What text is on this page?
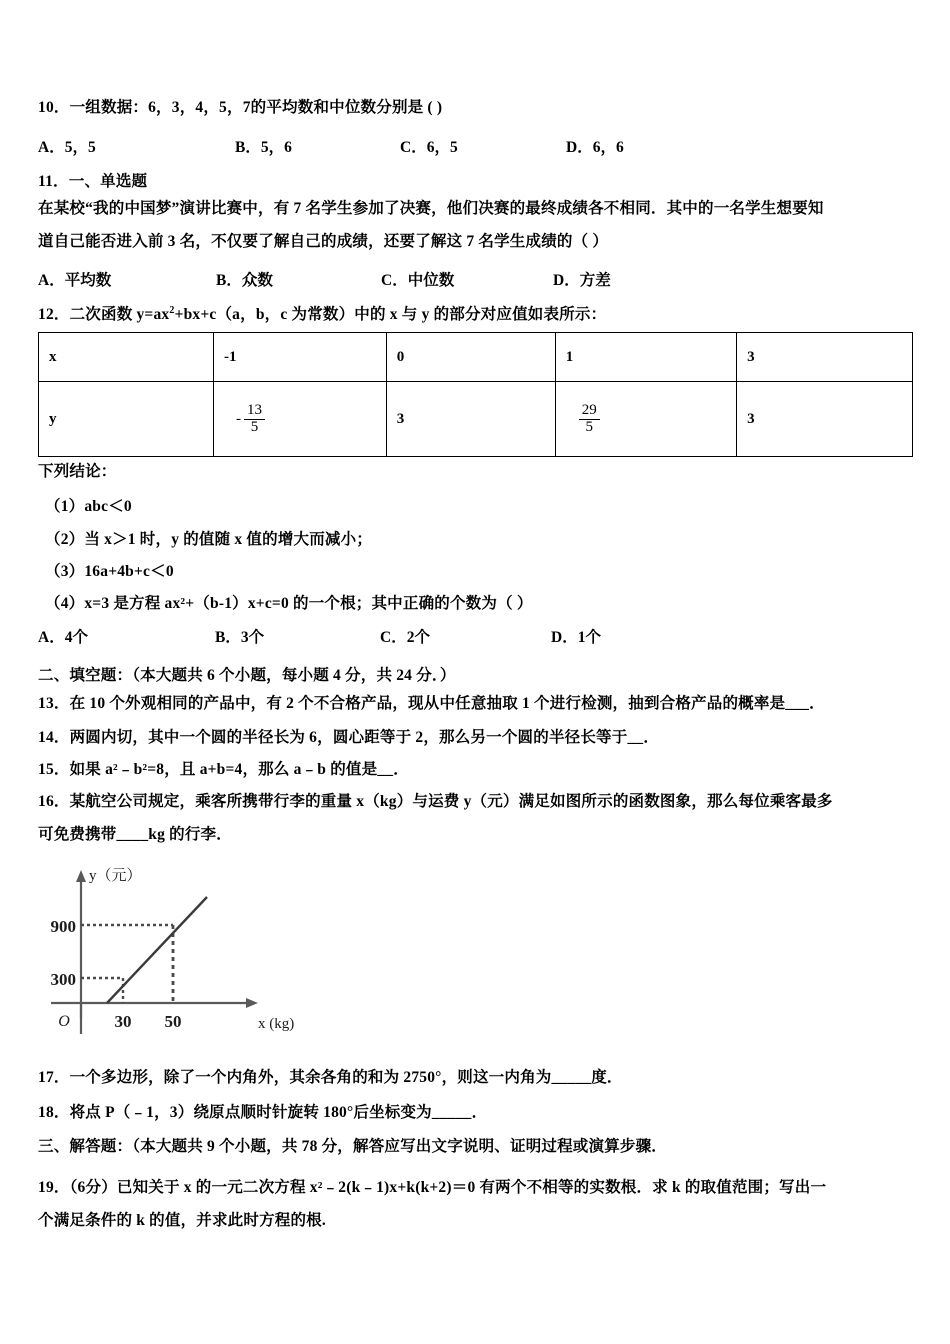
10．一组数据：6，3，4，5，7的平均数和中位数分别是 ( )
A．5，5	B．5，6	C．6，5	D．6，6
11．一、单选题
在某校“我的中国梦”演讲比赛中，有 7 名学生参加了决赛，他们决赛的最终成绩各不相同．其中的一名学生想要知
道自己能否进入前 3 名，不仅要了解自己的成绩，还要了解这 7 名学生成绩的（ ）
A．平均数	B．众数	C．中位数	D．方差
12．二次函数 $y=ax^2+bx+c(a$，b，c 为常数）中的 x 与 y 的部分对应值如表所示：
x	-1	0	1	3
y	- $\frac{13}{5}$	3	$\frac{29}{5}$	3
下列结论：
（1）abc＜0
（2）当 x＞1 时，y 的值随 x 值的增大而减小；
（3）16a+4b+c＜0
（4）x=3 是方程 ax²+（b-1）x+c=0 的一个根；其中正确的个数为（ ）
A．4个	B．3个	C．2个	D．1个
二、填空题：（本大题共 6 个小题，每小题 4 分，共 24 分．）
13．在 10 个外观相同的产品中，有 2 个不合格产品，现从中任意抽取 1 个进行检测，抽到合格产品的概率是___．
14．两圆内切，其中一个圆的半径长为 6，圆心距等于 2，那么另一个圆的半径长等于__．
15．如果 a²﹣b²=8，且 a+b=4，那么 a﹣b 的值是__．
16．某航空公司规定，乘客所携带行李的重量 x（kg）与运费 y（元）满足如图所示的函数图象，那么每位乘客最多
可免费携带____kg 的行李．
900
300
30 50
O
y（元）
x (kg)
17．一个多边形，除了一个内角外，其余各角的和为 2750°，则这一内角为_____度．
18．将点 P（﹣1，3）绕原点顺时针旋转 180°后坐标变为_____．
三、解答题：（本大题共 9 个小题，共 78 分，解答应写出文字说明、证明过程或演算步骤．
19．（6分）已知关于 x 的一元二次方程 x²﹣2(k﹣1)x+k(k+2)＝0 有两个不相等的实数根．求 k 的取值范围；写出一
个满足条件的 k 的值，并求此时方程的根.
